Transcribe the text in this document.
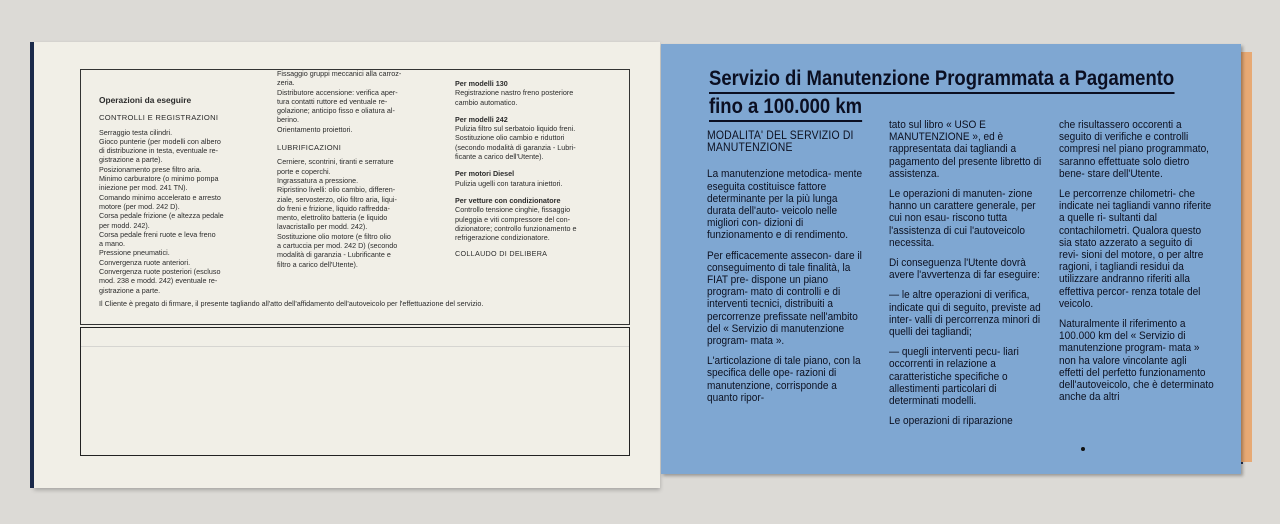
Operazioni da eseguire

CONTROLLI E REGISTRAZIONI

Serraggio testa cilindri.
Gioco punterie (per modelli con albero
di distribuzione in testa, eventuale re-
gistrazione a parte).
Posizionamento prese filtro aria.
Minimo carburatore (o minimo pompa
iniezione per mod. 241 TN).
Comando minimo accelerato e arresto
motore (per mod. 242 D).
Corsa pedale frizione (e altezza pedale
per modd. 242).
Corsa pedale freni ruote e leva freno
a mano.
Pressione pneumatici.
Convergenza ruote anteriori.
Convergenza ruote posteriori (escluso
mod. 238 e modd. 242) eventuale re-
gistrazione a parte.
Fissaggio gruppi meccanici alla carroz-
zeria.
Distributore accensione: verifica aper-
tura contatti ruttore ed ventuale re-
golazione; anticipo fisso e oliatura al-
berino.
Orientamento proiettori.

LUBRIFICAZIONI

Cerniere, scontrini, tiranti e serrature
porte e coperchi.
Ingrassatura a pressione.
Ripristino livelli: olio cambio, differen-
ziale, servosterzo, olio filtro aria, liqui-
do freni e frizione, liquido raffredda-
mento, elettrolito batteria (e liquido
lavacristallo per modd. 242).
Sostituzione olio motore (e filtro olio
a cartuccia per mod. 242 D) (secondo
modalità di garanzia - Lubrificante e
filtro a carico dell'Utente).

Per modelli 130

Registrazione nastro freno posteriore
cambio automatico.

Per modelli 242

Pulizia filtro sul serbatoio liquido freni.
Sostituzione olio cambio e riduttori
(secondo modalità di garanzia - Lubri-
ficante a carico dell'Utente).

Per motori Diesel

Pulizia ugelli con taratura iniettori.

Per vetture con condizionatore

Controllo tensione cinghie, fissaggio
puleggia e viti compressore del con-
dizionatore; controllo funzionamento e
refrigerazione condizionatore.

COLLAUDO DI DELIBERA

Il Cliente è pregato di firmare, il presente tagliando all'atto dell'affidamento dell'autoveicolo per l'effettuazione del servizio.
Servizio di Manutenzione Programmata a Pagamento
fino a 100.000 km

MODALITA' DEL SERVIZIO DI MANUTENZIONE

La manutenzione metodica- mente eseguita costituisce fattore determinante per la più lunga durata dell'auto- veicolo nelle migliori con- dizioni di funzionamento e di rendimento.

Per efficacemente assecon- dare il conseguimento di tale finalità, la FIAT pre- dispone un piano program- mato di controlli e di interventi tecnici, distribuiti a percorrenze prefissate nell'ambito del « Servizio di manutenzione program- mata ».

L'articolazione di tale piano, con la specifica delle ope- razioni di manutenzione, corrisponde a quanto ripor-

tato sul libro « USO E MANUTENZIONE », ed è rappresentata dai tagliandi a pagamento del presente libretto di assistenza.

Le operazioni di manuten- zione hanno un carattere generale, per cui non esau- riscono tutta l'assistenza di cui l'autoveicolo necessita.

Di conseguenza l'Utente dovrà avere l'avvertenza di far eseguire:

— le altre operazioni di verifica, indicate qui di seguito, previste ad inter- valli di percorrenza minori di quelli dei tagliandi;

— quegli interventi pecu- liari occorrenti in relazione a caratteristiche specifiche o allestimenti particolari di determinati modelli.

Le operazioni di riparazione

che risultassero occorenti a seguito di verifiche e controlli compresi nel piano programmato, saranno effettuate solo dietro bene- stare dell'Utente.

Le percorrenze chilometri- che indicate nei tagliandi vanno riferite a quelle ri- sultanti dal contachilometri. Qualora questo sia stato azzerato a seguito di revi- sioni del motore, o per altre ragioni, i tagliandi residui da utilizzare andranno riferiti alla effettiva percor- renza totale del veicolo.

Naturalmente il riferimento a 100.000 km del « Servizio di manutenzione program- mata » non ha valore vincolante agli effetti del perfetto funzionamento dell'autoveicolo, che è determinato anche da altri
